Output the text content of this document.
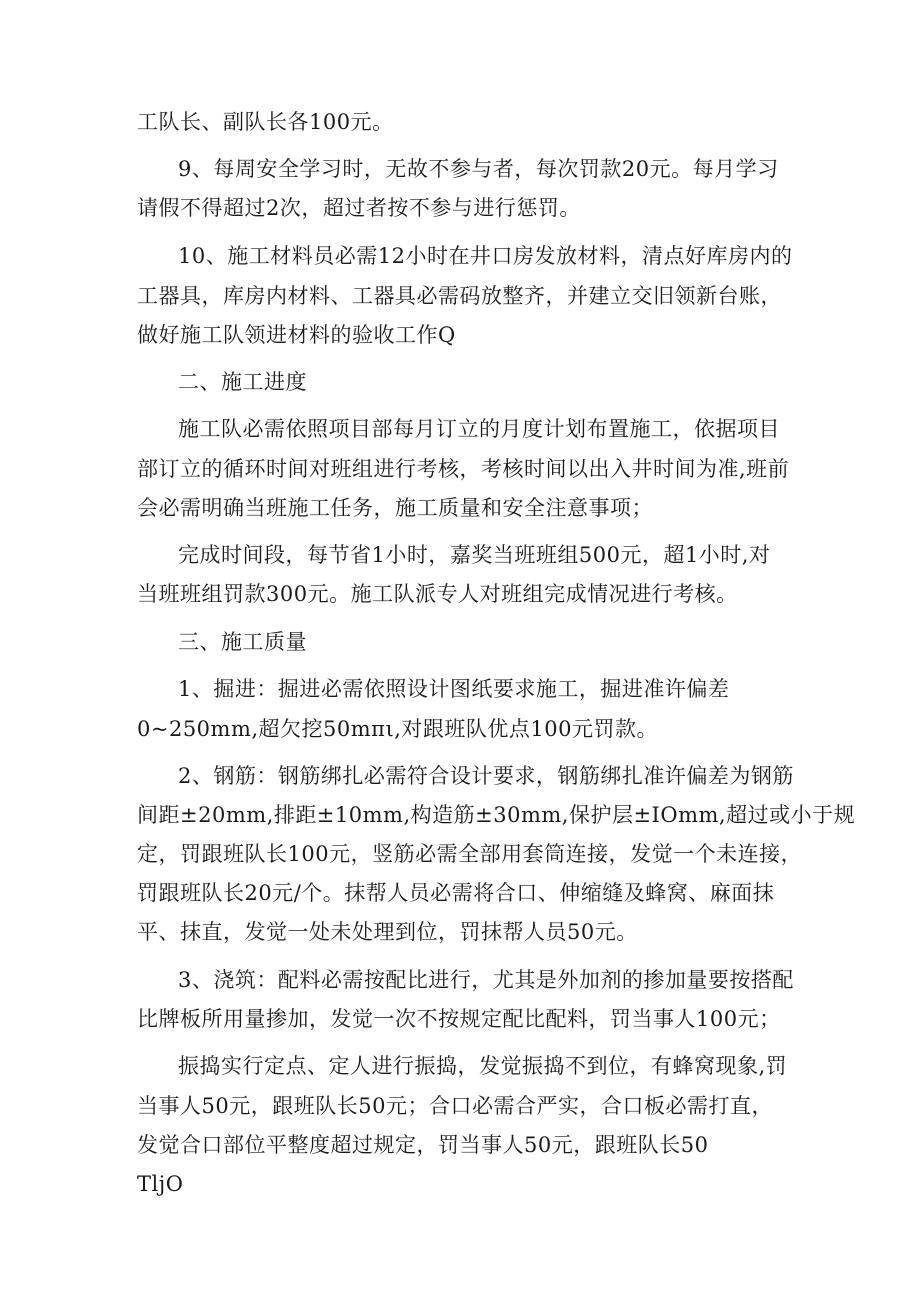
工队长、副队长各100元。
9、每周安全学习时，无故不参与者，每次罚款20元。每月学习
请假不得超过2次，超过者按不参与进行惩罚。
10、施工材料员必需12小时在井口房发放材料，清点好库房内的
工器具，库房内材料、工器具必需码放整齐，并建立交旧领新台账，
做好施工队领进材料的验收工作Q
二、施工进度
施工队必需依照项目部每月订立的月度计划布置施工，依据项目
部订立的循环时间对班组进行考核，考核时间以出入井时间为准,班前
会必需明确当班施工任务，施工质量和安全注意事项；
完成时间段，每节省1小时，嘉奖当班班组500元，超1小时,对
当班班组罚款300元。施工队派专人对班组完成情况进行考核。
三、施工质量
1、掘进：掘进必需依照设计图纸要求施工，掘进准许偏差
0~250mm,超欠挖50mπι,对跟班队优点100元罚款。
2、钢筋：钢筋绑扎必需符合设计要求，钢筋绑扎准许偏差为钢筋
间距±20mm,排距±10mm,构造筋±30mm,保护层±IOmm,超过或小于规
定，罚跟班队长100元，竖筋必需全部用套筒连接，发觉一个未连接，
罚跟班队长20元/个。抹帮人员必需将合口、伸缩缝及蜂窝、麻面抹
平、抹直，发觉一处未处理到位，罚抹帮人员50元。
3、浇筑：配料必需按配比进行，尤其是外加剂的掺加量要按搭配
比牌板所用量掺加，发觉一次不按规定配比配料，罚当事人100元；
振捣实行定点、定人进行振捣，发觉振捣不到位，有蜂窝现象,罚
当事人50元，跟班队长50元；合口必需合严实，合口板必需打直，
发觉合口部位平整度超过规定，罚当事人50元，跟班队长50
TljO
